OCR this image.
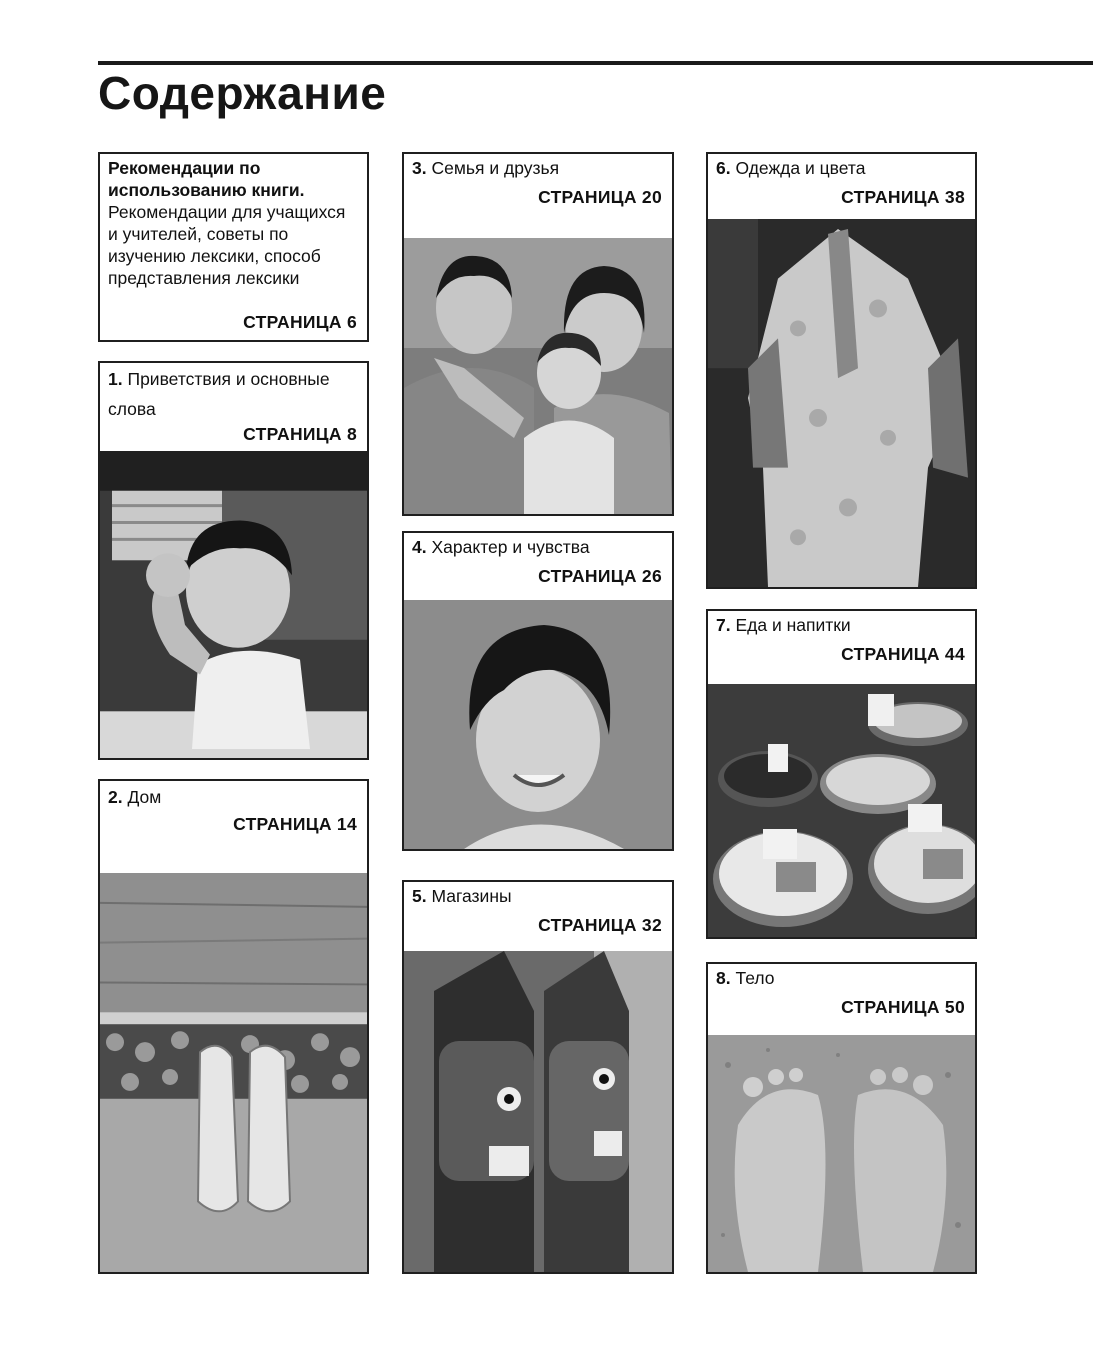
Содержание
Рекомендации по использованию книги. Рекомендации для учащихся и учителей, советы по изучению лексики, способ представления лексики
СТРАНИЦА 6
1. Приветствия и основные слова
СТРАНИЦА 8
2. Дом
СТРАНИЦА 14
3. Семья и друзья
СТРАНИЦА 20
4. Характер и чувства
СТРАНИЦА 26
5. Магазины
СТРАНИЦА 32
6. Одежда и цвета
СТРАНИЦА 38
7. Еда и напитки
СТРАНИЦА 44
8. Тело
СТРАНИЦА 50
